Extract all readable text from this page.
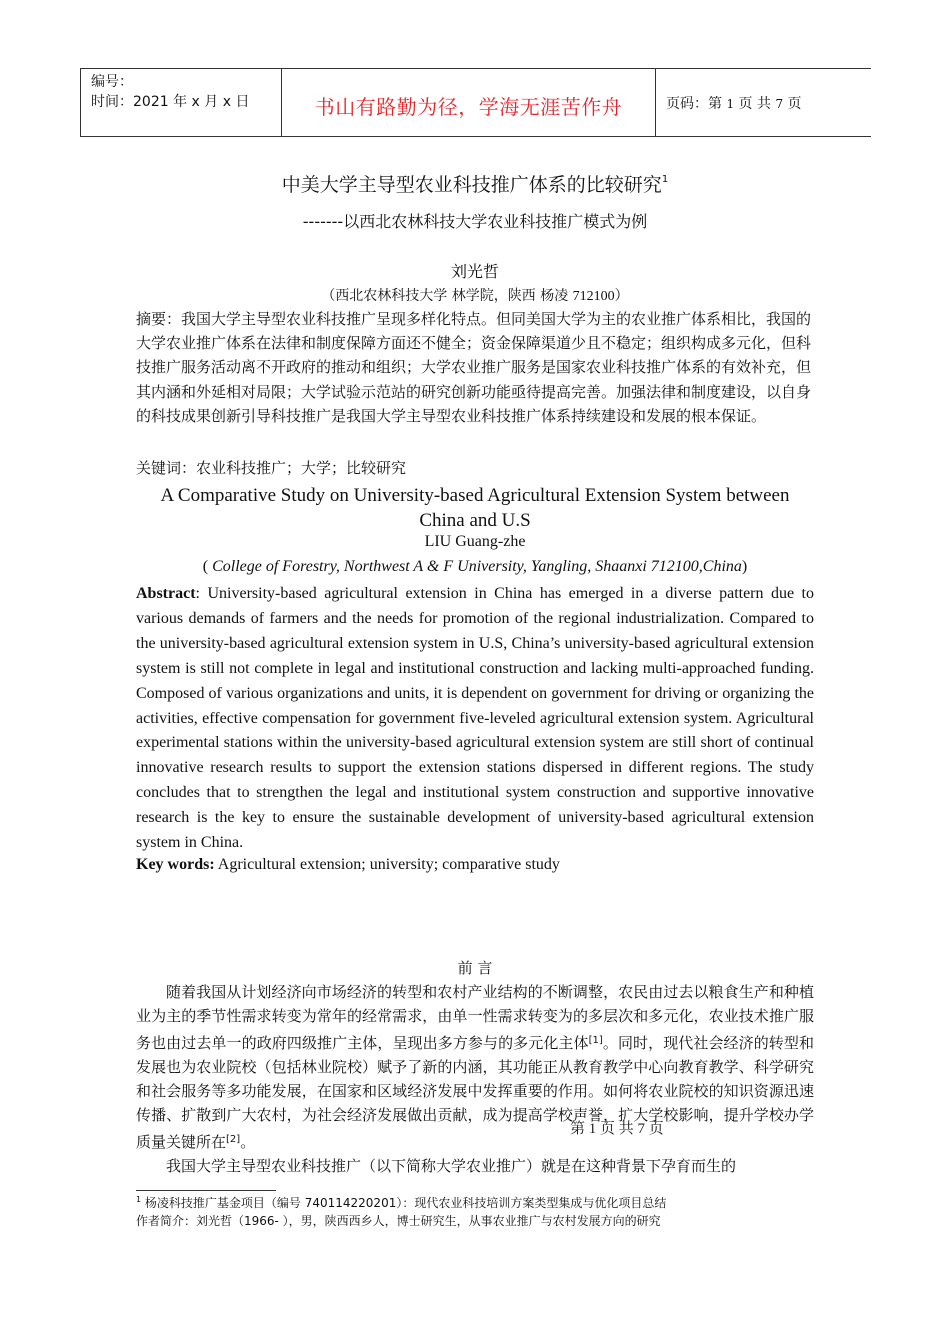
编号：
时间：2021 年 x 月 x 日	书山有路勤为径，学海无涯苦作舟	页码：第 1 页 共 7 页
中美大学主导型农业科技推广体系的比较研究$^1$
-------以西北农林科技大学农业科技推广模式为例
刘光哲
（西北农林科技大学 林学院，陕西 杨凌 712100）
摘要：我国大学主导型农业科技推广呈现多样化特点。但同美国大学为主的农业推广体系相比，我国的大学农业推广体系在法律和制度保障方面还不健全；资金保障渠道少且不稳定；组织构成多元化，但科技推广服务活动离不开政府的推动和组织；大学农业推广服务是国家农业科技推广体系的有效补充，但其内涵和外延相对局限；大学试验示范站的研究创新功能亟待提高完善。加强法律和制度建设，以自身的科技成果创新引导科技推广是我国大学主导型农业科技推广体系持续建设和发展的根本保证。
关键词：农业科技推广；大学；比较研究
A Comparative Study on University-based Agricultural Extension System between China and U.S
LIU Guang-zhe
( College of Forestry, Northwest A & F University, Yangling, Shaanxi 712100,China)
Abstract: University-based agricultural extension in China has emerged in a diverse pattern due to various demands of farmers and the needs for promotion of the regional industrialization. Compared to the university-based agricultural extension system in U.S, China’s university-based agricultural extension system is still not complete in legal and institutional construction and lacking multi-approached funding. Composed of various organizations and units, it is dependent on government for driving or organizing the activities, effective compensation for government five-leveled agricultural extension system. Agricultural experimental stations within the university-based agricultural extension system are still short of continual innovative research results to support the extension stations dispersed in different regions. The study concludes that to strengthen the legal and institutional system construction and supportive innovative research is the key to ensure the sustainable development of university-based agricultural extension system in China.
Key words: Agricultural extension; university; comparative study
前 言

随着我国从计划经济向市场经济的转型和农村产业结构的不断调整，农民由过去以粮食生产和种植业为主的季节性需求转变为常年的经常需求，由单一性需求转变为的多层次和多元化，农业技术推广服务也由过去单一的政府四级推广主体，呈现出多方参与的多元化主体[1]。同时，现代社会经济的转型和发展也为农业院校（包括林业院校）赋予了新的内涵，其功能正从教育教学中心向教育教学、科学研究和社会服务等多功能发展，在国家和区域经济发展中发挥重要的作用。如何将农业院校的知识资源迅速传播、扩散到广大农村，为社会经济发展做出贡献，成为提高学校声誉，扩大学校影响，提升学校办学质量关键所在[2]。

我国大学主导型农业科技推广（以下简称大学农业推广）就是在这种背景下孕育而生的

第 1 页 共 7 页
$^1$ 杨凌科技推广基金项目（编号 740114220201）：现代农业科技培训方案类型集成与优化项目总结
作者简介：刘光哲（1966- ），男，陕西西乡人，博士研究生，从事农业推广与农村发展方向的研究
